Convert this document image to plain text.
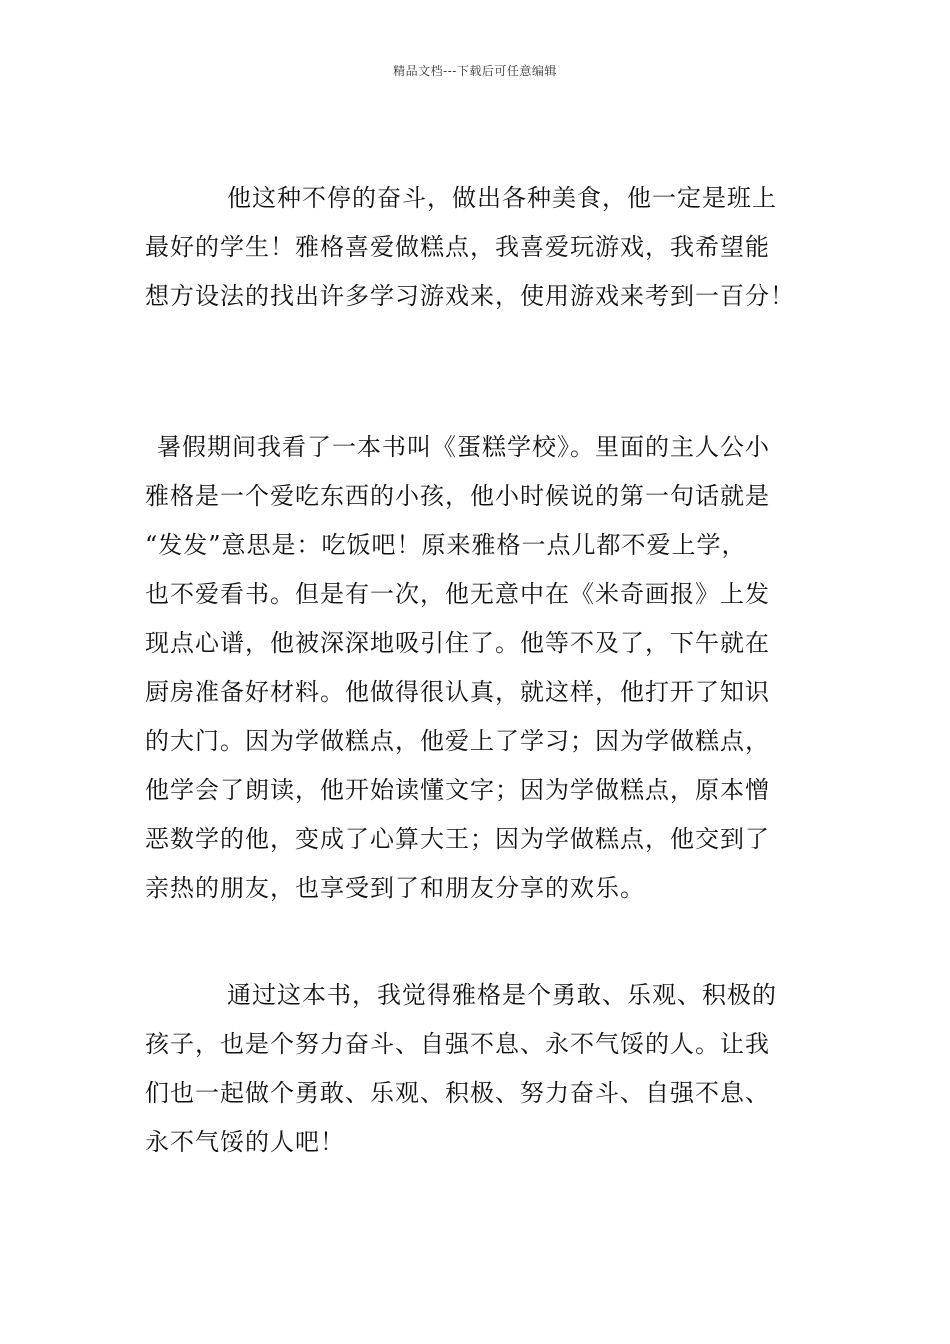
精品文档---下载后可任意编辑
他这种不停的奋斗，做出各种美食，他一定是班上
最好的学生！雅格喜爱做糕点，我喜爱玩游戏，我希望能
想方设法的找出许多学习游戏来，使用游戏来考到一百分！
暑假期间我看了一本书叫《蛋糕学校》。里面的主人公小
雅格是一个爱吃东西的小孩，他小时候说的第一句话就是
“发发”意思是：吃饭吧！原来雅格一点儿都不爱上学，
也不爱看书。但是有一次，他无意中在《米奇画报》上发
现点心谱，他被深深地吸引住了。他等不及了，下午就在
厨房准备好材料。他做得很认真，就这样，他打开了知识
的大门。因为学做糕点，他爱上了学习；因为学做糕点，
他学会了朗读，他开始读懂文字；因为学做糕点，原本憎
恶数学的他，变成了心算大王；因为学做糕点，他交到了
亲热的朋友，也享受到了和朋友分享的欢乐。
通过这本书，我觉得雅格是个勇敢、乐观、积极的
孩子，也是个努力奋斗、自强不息、永不气馁的人。让我
们也一起做个勇敢、乐观、积极、努力奋斗、自强不息、
永不气馁的人吧！
